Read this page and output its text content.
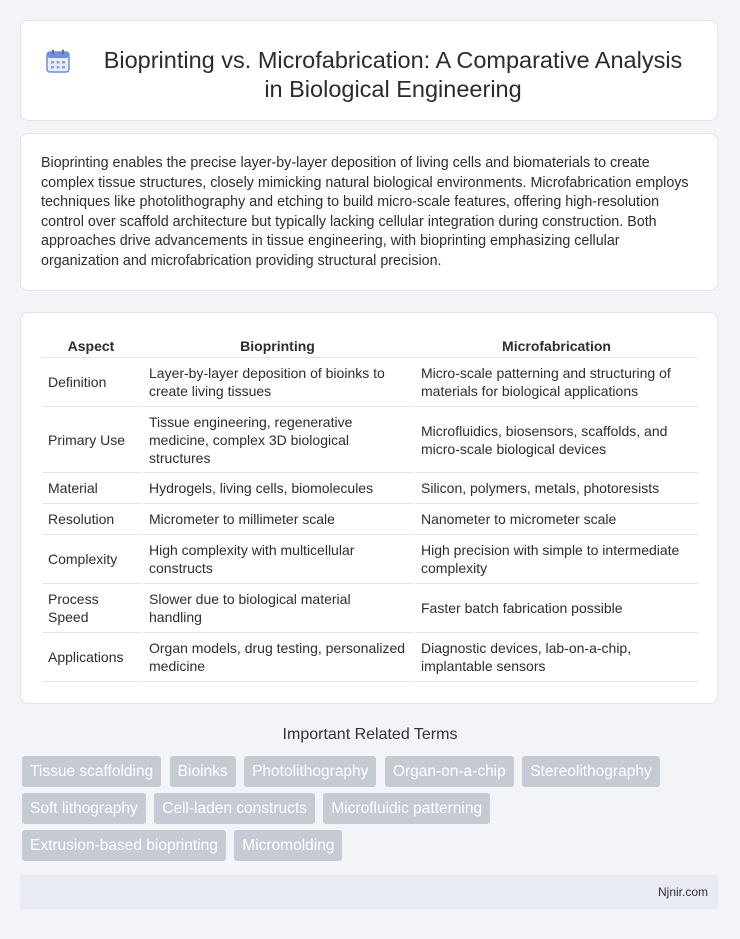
Bioprinting vs. Microfabrication: A Comparative Analysis in Biological Engineering

Bioprinting enables the precise layer-by-layer deposition of living cells and biomaterials to create complex tissue structures, closely mimicking natural biological environments. Microfabrication employs techniques like photolithography and etching to build micro-scale features, offering high-resolution control over scaffold architecture but typically lacking cellular integration during construction. Both approaches drive advancements in tissue engineering, with bioprinting emphasizing cellular organization and microfabrication providing structural precision.

Aspect	Bioprinting	Microfabrication
Definition	Layer-by-layer deposition of bioinks to create living tissues	Micro-scale patterning and structuring of materials for biological applications
Primary Use	Tissue engineering, regenerative medicine, complex 3D biological structures	Microfluidics, biosensors, scaffolds, and micro-scale biological devices
Material	Hydrogels, living cells, biomolecules	Silicon, polymers, metals, photoresists
Resolution	Micrometer to millimeter scale	Nanometer to micrometer scale
Complexity	High complexity with multicellular constructs	High precision with simple to intermediate complexity
Process Speed	Slower due to biological material handling	Faster batch fabrication possible
Applications	Organ models, drug testing, personalized medicine	Diagnostic devices, lab-on-a-chip, implantable sensors
Important Related Terms
Tissue scaffolding Bioinks Photolithography Organ-on-a-chip Stereolithography Soft lithography Cell-laden constructs Microfluidic patterning Extrusion-based bioprinting Micromolding
Njnir.com
